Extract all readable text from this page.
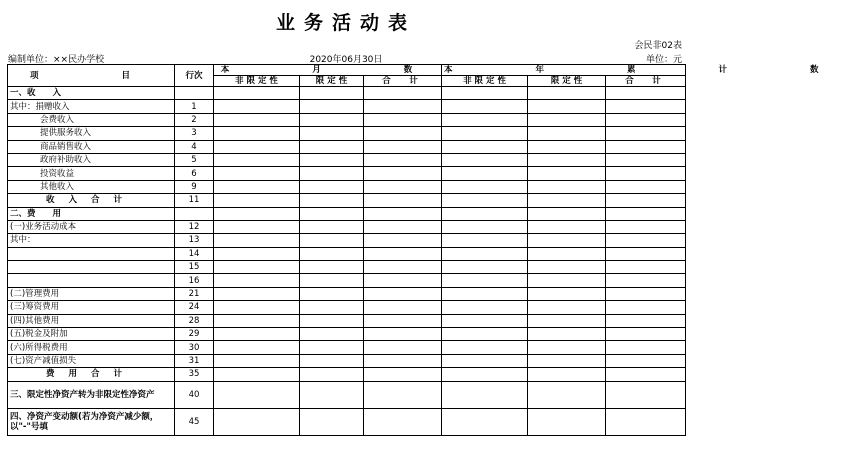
业务活动表
会民非02表
编制单位：××民办学校	2020年06月30日	单位：元
项　　目	行次	本　　月　　数			本　　年　　累　　计　　数		
		非 限 定 性	限 定 性	合　计	非 限 定 性	限 定 性	合　计
一、收　　入							
其中：捐赠收入	1						
会费收入	2						
提供服务收入	3						
商品销售收入	4						
政府补助收入	5						
投资收益	6						
其他收入	9						
收入合计	11						
二、费　　用							
(一)业务活动成本	12						
其中：	13						
	14						
	15						
	16						
(二)管理费用	21						
(三)筹资费用	24						
(四)其他费用	28						
(五)税金及附加	29						
(六)所得税费用	30						
(七)资产减值损失	31						
费用合计	35						
三、限定性净资产转为非限定性净资产	40						
四、净资产变动额(若为净资产减少额，以"-"号填	45						
